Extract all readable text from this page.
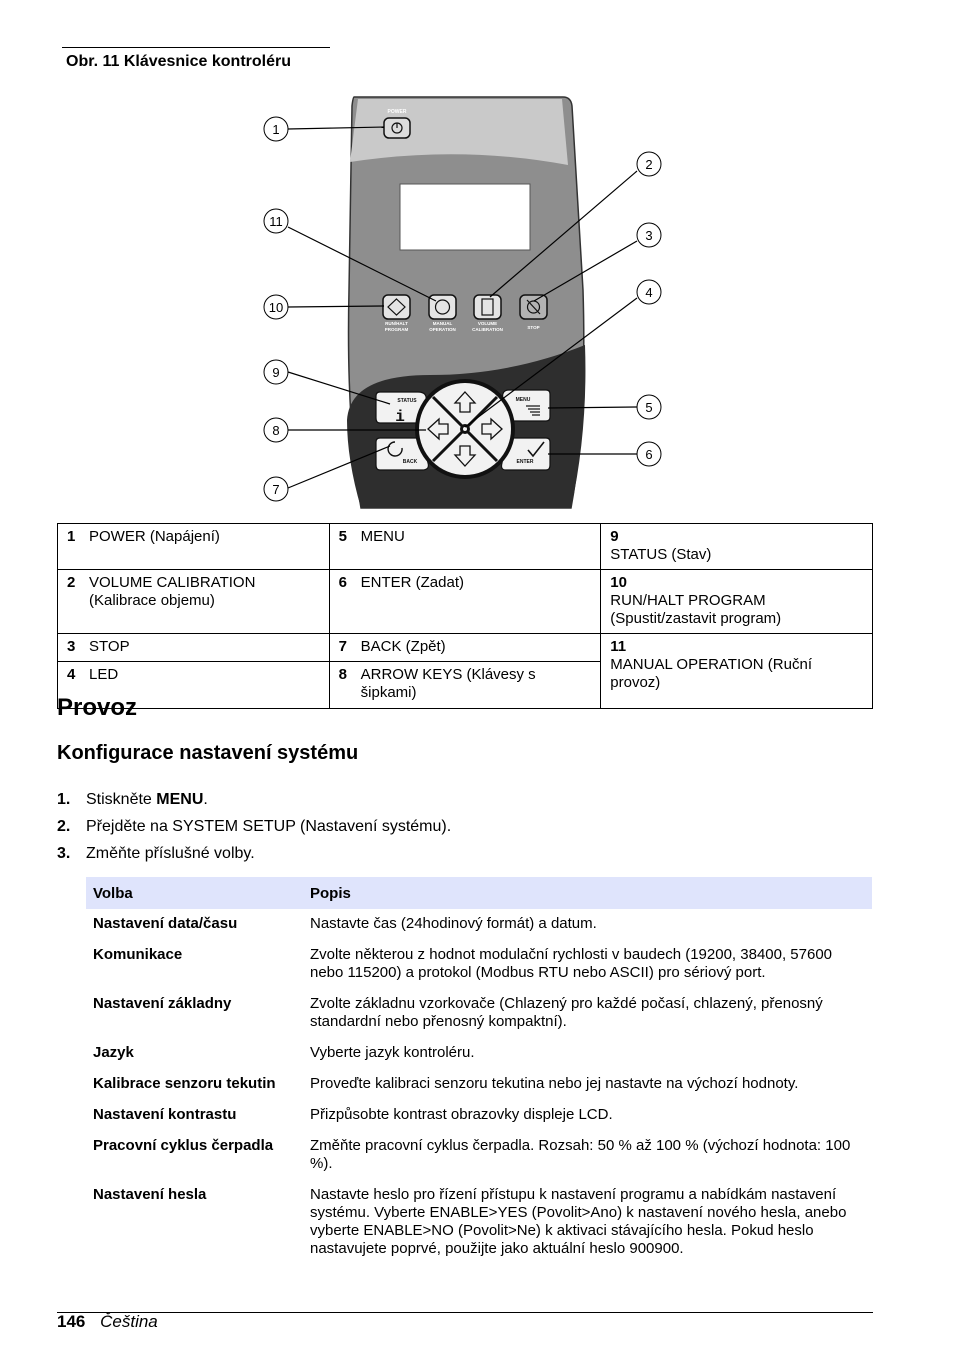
Obr. 11 Klávesnice kontroléru
POWER
RUN/HALT
PROGRAM
MANUAL
OPERATION
VOLUME
CALIBRATION	STOP
STATUS
i
BACK
MENU
ENTER
1
2
3
4
5
6
7
8
9
10
11
1 POWER (Napájení)	5 MENU	9STATUS (Stav)
2 VOLUME CALIBRATION (Kalibrace objemu)	6 ENTER (Zadat)	10RUN/HALT PROGRAM (Spustit/zastavit program)
3 STOP	7 BACK (Zpět)	11MANUAL OPERATION (Ruční provoz)
4 LED	8 ARROW KEYS (Klávesy s šipkami)	
Provoz
Konfigurace nastavení systému
1. Stiskněte MENU.
2. Přejděte na SYSTEM SETUP (Nastavení systému).
3. Změňte příslušné volby.
Volba	Popis
Nastavení data/času	Nastavte čas (24hodinový formát) a datum.
Komunikace	Zvolte některou z hodnot modulační rychlosti v baudech (19200, 38400, 57600 nebo 115200) a protokol (Modbus RTU nebo ASCII) pro sériový port.
Nastavení základny	Zvolte základnu vzorkovače (Chlazený pro každé počasí, chlazený, přenosný standardní nebo přenosný kompaktní).
Jazyk	Vyberte jazyk kontroléru.
Kalibrace senzoru tekutin	Proveďte kalibraci senzoru tekutina nebo jej nastavte na výchozí hodnoty.
Nastavení kontrastu	Přizpůsobte kontrast obrazovky displeje LCD.
Pracovní cyklus čerpadla	Změňte pracovní cyklus čerpadla. Rozsah: 50 % až 100 % (výchozí hodnota: 100 %).
Nastavení hesla	Nastavte heslo pro řízení přístupu k nastavení programu a nabídkám nastavení systému. Vyberte ENABLE>YES (Povolit>Ano) k nastavení nového hesla, anebo vyberte ENABLE>NO (Povolit>Ne) k aktivaci stávajícího hesla. Pokud heslo nastavujete poprvé, použijte jako aktuální heslo 900900.
146 Čeština
